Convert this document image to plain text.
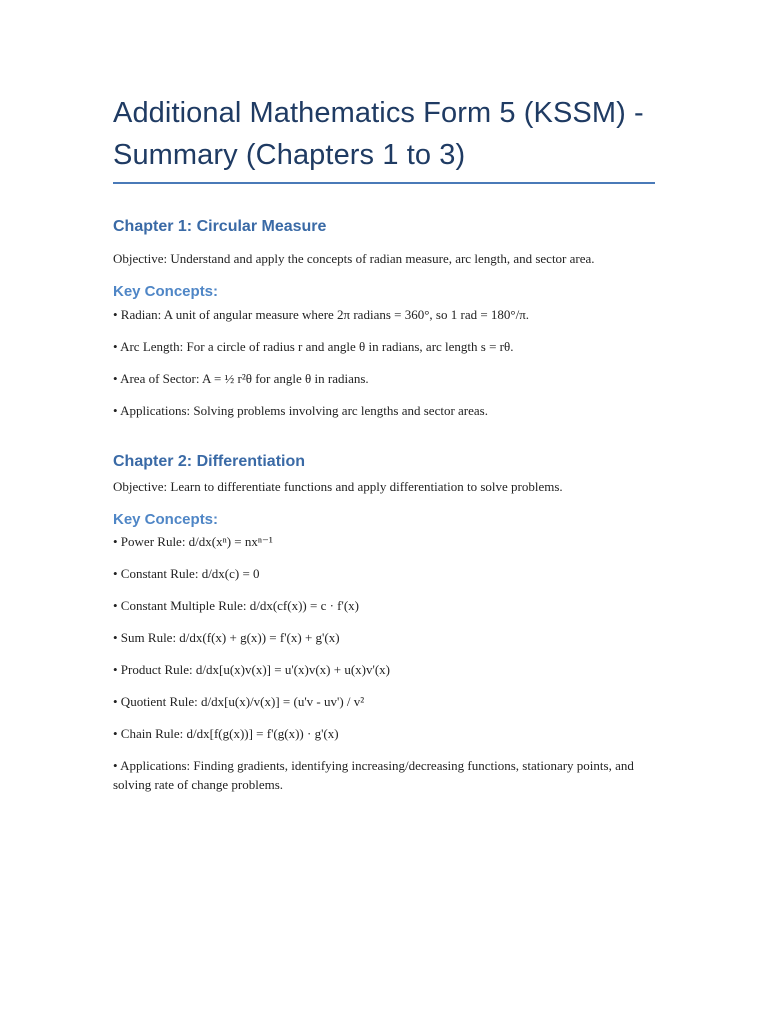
Additional Mathematics Form 5 (KSSM) - Summary (Chapters 1 to 3)
Chapter 1: Circular Measure

Objective: Understand and apply the concepts of radian measure, arc length, and sector area.

Key Concepts:

• Radian: A unit of angular measure where 2π radians = 360°, so 1 rad = 180°/π.

• Arc Length: For a circle of radius r and angle θ in radians, arc length s = rθ.

• Area of Sector: A = ½ r²θ for angle θ in radians.

• Applications: Solving problems involving arc lengths and sector areas.

Chapter 2: Differentiation

Objective: Learn to differentiate functions and apply differentiation to solve problems.

Key Concepts:

• Power Rule: d/dx(xⁿ) = nxⁿ⁻¹

• Constant Rule: d/dx(c) = 0

• Constant Multiple Rule: d/dx(cf(x)) = c · f'(x)

• Sum Rule: d/dx(f(x) + g(x)) = f'(x) + g'(x)

• Product Rule: d/dx[u(x)v(x)] = u'(x)v(x) + u(x)v'(x)

• Quotient Rule: d/dx[u(x)/v(x)] = (u'v - uv') / v²

• Chain Rule: d/dx[f(g(x))] = f'(g(x)) · g'(x)

• Applications: Finding gradients, identifying increasing/decreasing functions, stationary points, and solving rate of change problems.
